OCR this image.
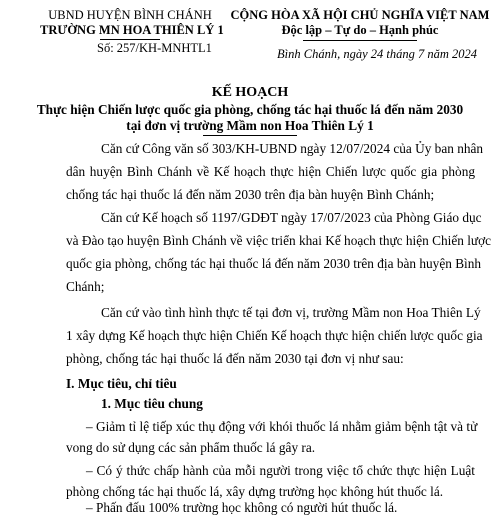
UBND HUYỆN BÌNH CHÁNH
TRƯỜNG MN HOA THIÊN LÝ 1
CỘNG HÒA XÃ HỘI CHỦ NGHĨA VIỆT NAM
Độc lập – Tự do – Hạnh phúc
Số: 257/KH-MNHTL1	Bình Chánh, ngày 24 tháng 7 năm 2024
KẾ HOẠCH
Thực hiện Chiến lược quốc gia phòng, chống tác hại thuốc lá đến năm 2030
tại đơn vị trường Mầm non Hoa Thiên Lý 1
Căn cứ Công văn số 303/KH-UBND ngày 12/07/2024 của Ủy ban nhân
dân huyện Bình Chánh về Kế hoạch thực hiện Chiến lược quốc gia phòng
chống tác hại thuốc lá đến năm 2030 trên địa bàn huyện Bình Chánh;
Căn cứ Kế hoạch số 1197/GDĐT ngày 17/07/2023 của Phòng Giáo dục
và Đào tạo huyện Bình Chánh về việc triển khai Kế hoạch thực hiện Chiến lược
quốc gia phòng, chống tác hại thuốc lá đến năm 2030 trên địa bàn huyện Bình
Chánh;
Căn cứ vào tình hình thực tế tại đơn vị, trường Mầm non Hoa Thiên Lý
1 xây dựng Kế hoạch thực hiện Chiến Kế hoạch thực hiện chiến lược quốc gia
phòng, chống tác hại thuốc lá đến năm 2030 tại đơn vị như sau:
I. Mục tiêu, chỉ tiêu
1. Mục tiêu chung
– Giảm tỉ lệ tiếp xúc thụ động với khói thuốc lá nhằm giảm bệnh tật và tử
vong do sử dụng các sản phẩm thuốc lá gây ra.
– Có ý thức chấp hành của mỗi người trong việc tổ chức thực hiện Luật
phòng chống tác hại thuốc lá, xây dựng trường học không hút thuốc lá.
– Phấn đấu 100% trường học không có người hút thuốc lá.
